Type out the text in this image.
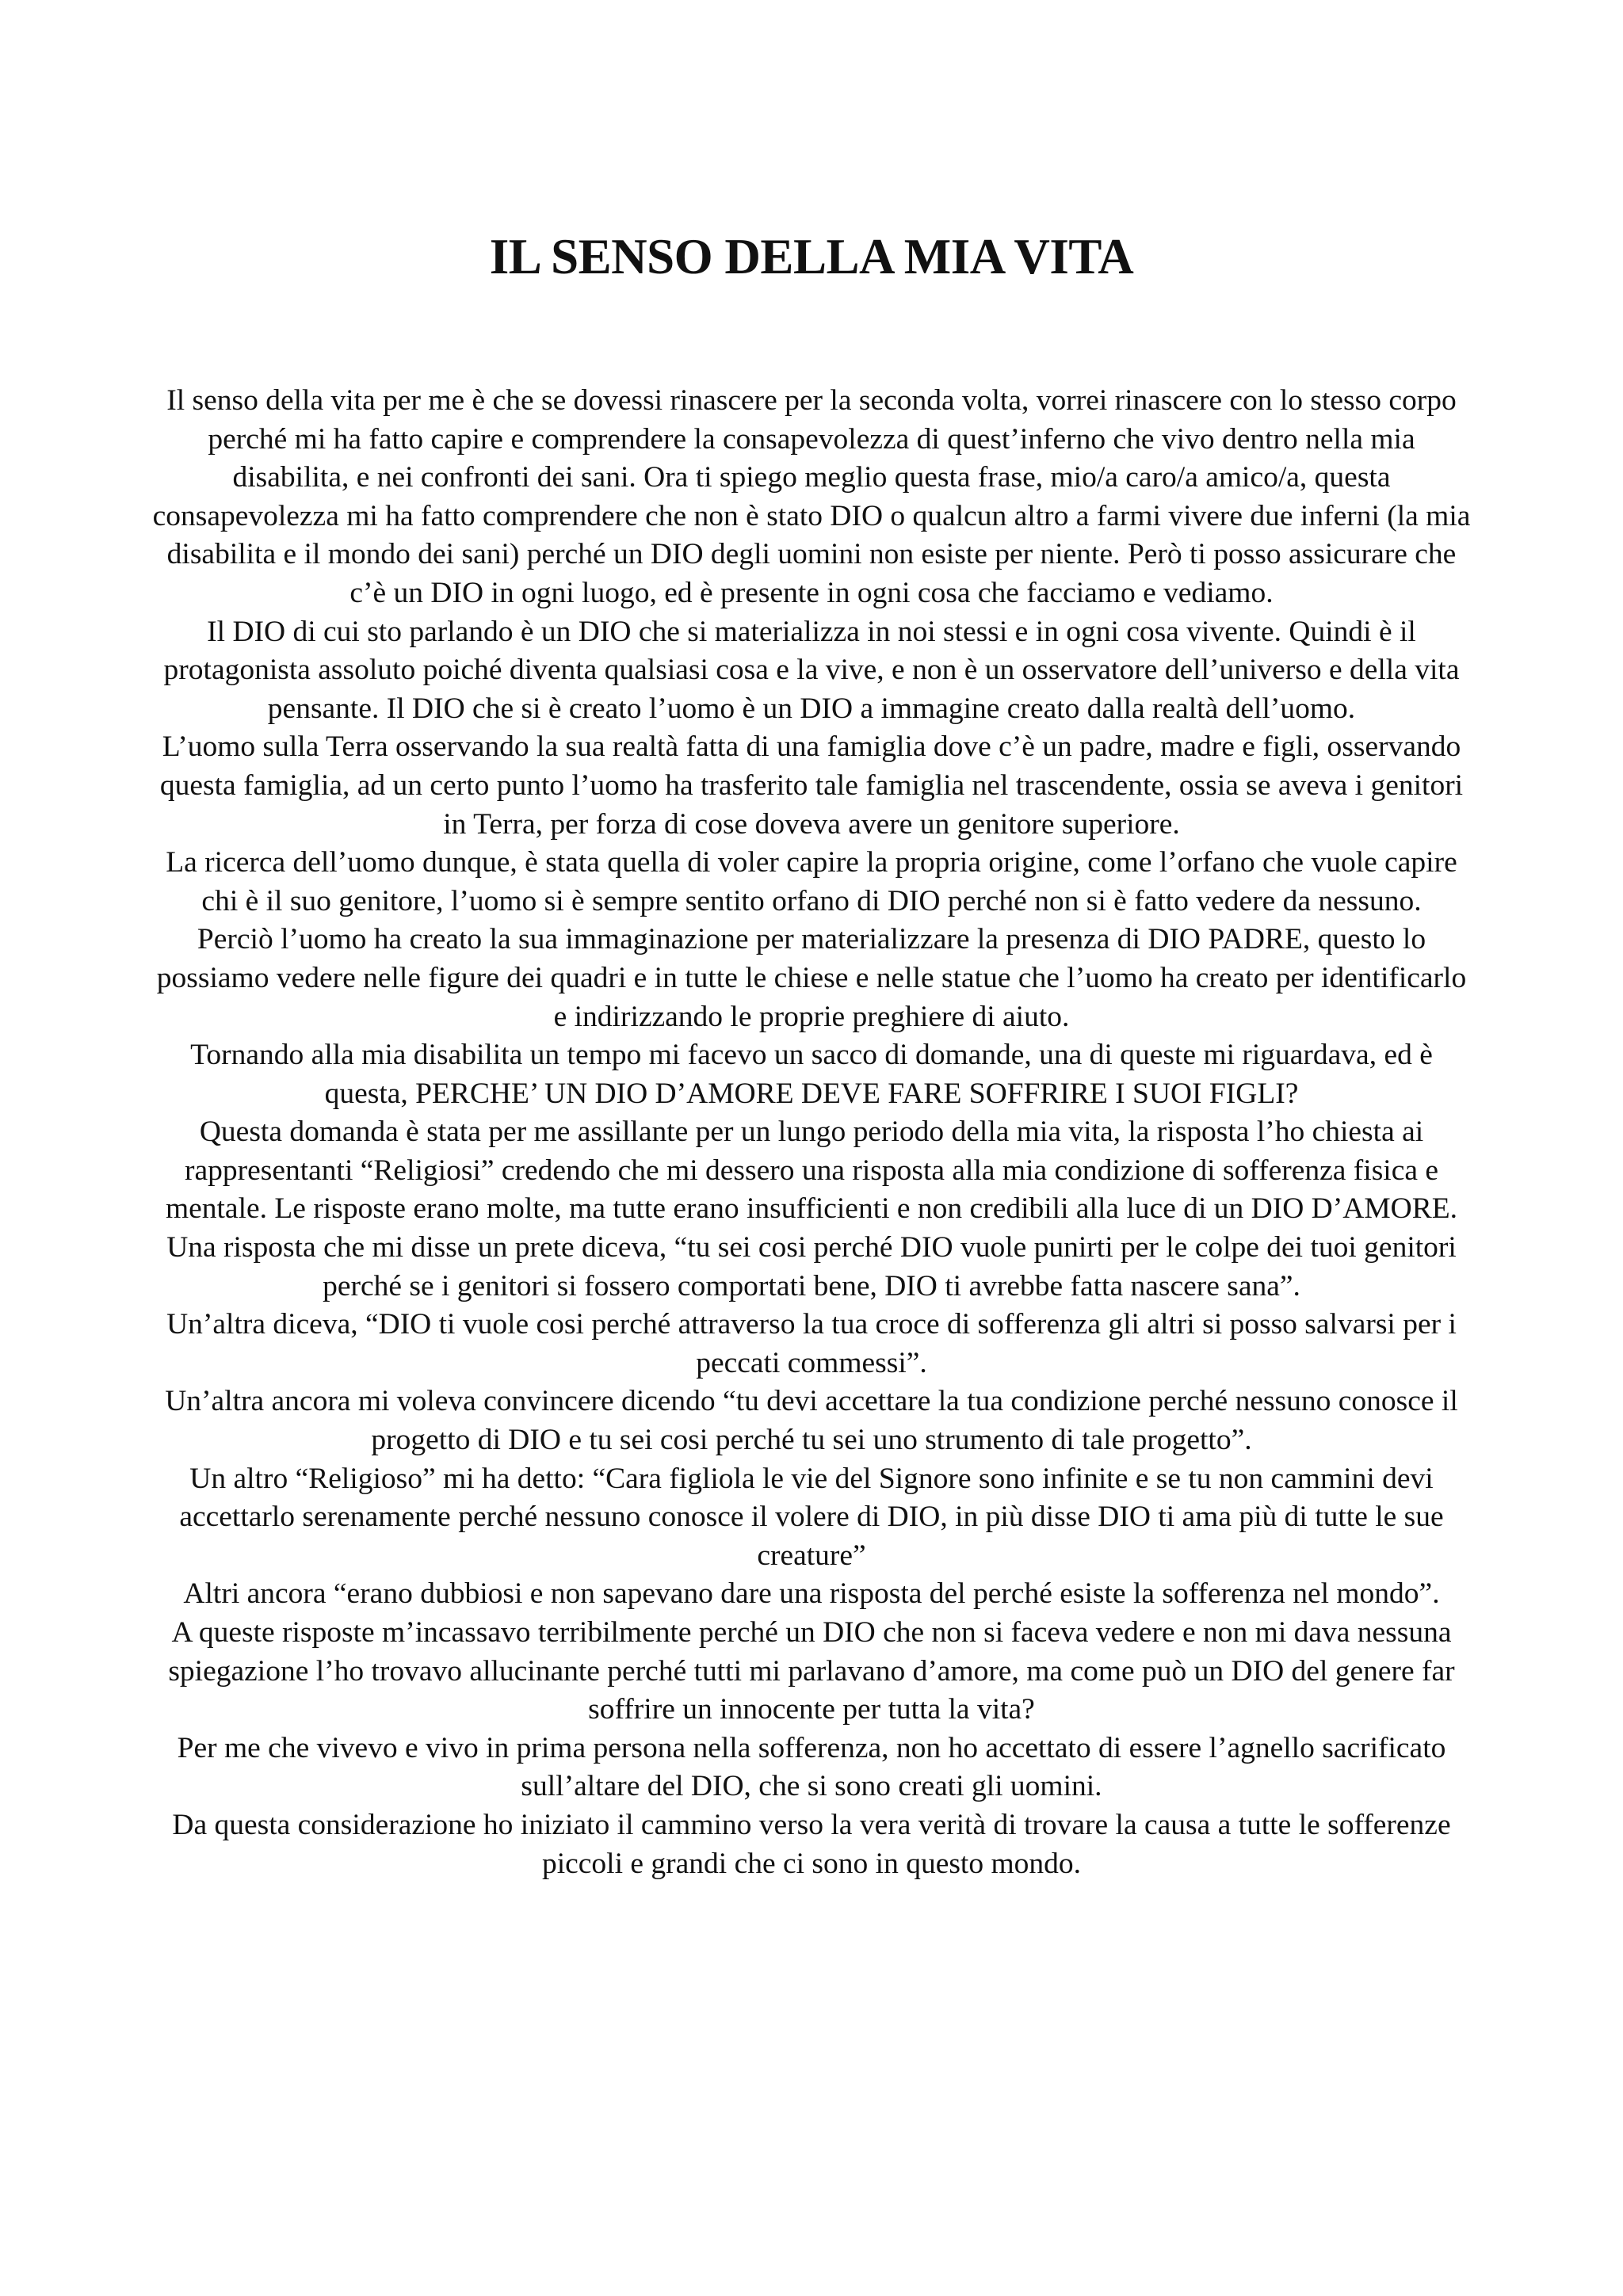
IL SENSO DELLA MIA VITA

Il senso della vita per me è che se dovessi rinascere per la seconda volta, vorrei rinascere con lo stesso corpo perché mi ha fatto capire e comprendere la consapevolezza di quest’inferno che vivo dentro nella mia disabilita, e nei confronti dei sani. Ora ti spiego meglio questa frase, mio/a caro/a amico/a, questa consapevolezza mi ha fatto comprendere che non è stato DIO o qualcun altro a farmi vivere due inferni (la mia disabilita e il mondo dei sani) perché un DIO degli uomini non esiste per niente. Però ti posso assicurare che c’è un DIO in ogni luogo, ed è presente in ogni cosa che facciamo e vediamo.

Il DIO di cui sto parlando è un DIO che si materializza in noi stessi e in ogni cosa vivente. Quindi è il protagonista assoluto poiché diventa qualsiasi cosa e la vive, e non è un osservatore dell’universo e della vita pensante. Il DIO che si è creato l’uomo è un DIO a immagine creato dalla realtà dell’uomo.

L’uomo sulla Terra osservando la sua realtà fatta di una famiglia dove c’è un padre, madre e figli, osservando questa famiglia, ad un certo punto l’uomo ha trasferito tale famiglia nel trascendente, ossia se aveva i genitori in Terra, per forza di cose doveva avere un genitore superiore.

La ricerca dell’uomo dunque, è stata quella di voler capire la propria origine, come l’orfano che vuole capire chi è il suo genitore, l’uomo si è sempre sentito orfano di DIO perché non si è fatto vedere da nessuno.

Perciò l’uomo ha creato la sua immaginazione per materializzare la presenza di DIO PADRE, questo lo possiamo vedere nelle figure dei quadri e in tutte le chiese e nelle statue che l’uomo ha creato per identificarlo e indirizzando le proprie preghiere di aiuto.

Tornando alla mia disabilita un tempo mi facevo un sacco di domande, una di queste mi riguardava, ed è questa, PERCHE’ UN DIO D’AMORE DEVE FARE SOFFRIRE I SUOI FIGLI?

Questa domanda è stata per me assillante per un lungo periodo della mia vita, la risposta l’ho chiesta ai rappresentanti “Religiosi” credendo che mi dessero una risposta alla mia condizione di sofferenza fisica e mentale. Le risposte erano molte, ma tutte erano insufficienti e non credibili alla luce di un DIO D’AMORE.

Una risposta che mi disse un prete diceva, “tu sei cosi perché DIO vuole punirti per le colpe dei tuoi genitori perché se i genitori si fossero comportati bene, DIO ti avrebbe fatta nascere sana”.

Un’altra diceva, “DIO ti vuole cosi perché attraverso la tua croce di sofferenza gli altri si posso salvarsi per i peccati commessi”.

Un’altra ancora mi voleva convincere dicendo “tu devi accettare la tua condizione perché nessuno conosce il progetto di DIO e tu sei cosi perché tu sei uno strumento di tale progetto”.

Un altro “Religioso” mi ha detto: “Cara figliola le vie del Signore sono infinite e se tu non cammini devi accettarlo serenamente perché nessuno conosce il volere di DIO, in più disse DIO ti ama più di tutte le sue creature”

Altri ancora “erano dubbiosi e non sapevano dare una risposta del perché esiste la sofferenza nel mondo”.

A queste risposte m’incassavo terribilmente perché un DIO che non si faceva vedere e non mi dava nessuna spiegazione l’ho trovavo allucinante perché tutti mi parlavano d’amore, ma come può un DIO del genere far soffrire un innocente per tutta la vita?

Per me che vivevo e vivo in prima persona nella sofferenza, non ho accettato di essere l’agnello sacrificato sull’altare del DIO, che si sono creati gli uomini.

Da questa considerazione ho iniziato il cammino verso la vera verità di trovare la causa a tutte le sofferenze piccoli e grandi che ci sono in questo mondo.
